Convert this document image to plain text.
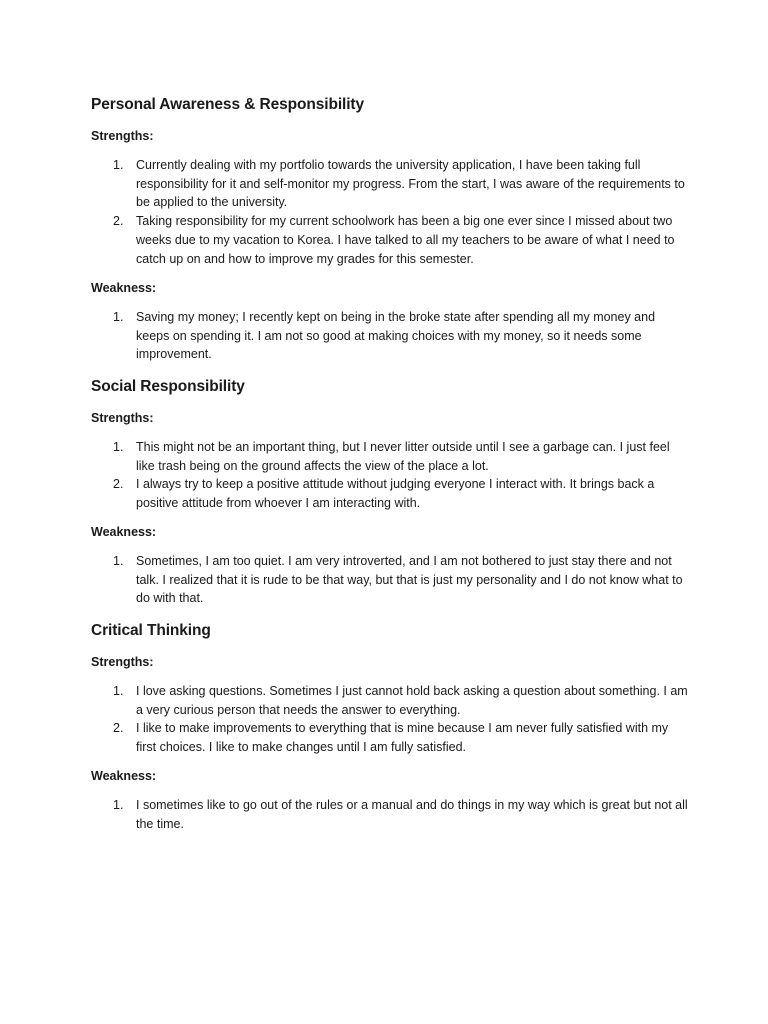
Personal Awareness & Responsibility

Strengths:

1. Currently dealing with my portfolio towards the university application, I have been taking full responsibility for it and self-monitor my progress. From the start, I was aware of the requirements to be applied to the university.
2. Taking responsibility for my current schoolwork has been a big one ever since I missed about two weeks due to my vacation to Korea. I have talked to all my teachers to be aware of what I need to catch up on and how to improve my grades for this semester.

Weakness:

1. Saving my money; I recently kept on being in the broke state after spending all my money and keeps on spending it. I am not so good at making choices with my money, so it needs some improvement.
Social Responsibility

Strengths:

1. This might not be an important thing, but I never litter outside until I see a garbage can. I just feel like trash being on the ground affects the view of the place a lot.
2. I always try to keep a positive attitude without judging everyone I interact with. It brings back a positive attitude from whoever I am interacting with.

Weakness:

1. Sometimes, I am too quiet. I am very introverted, and I am not bothered to just stay there and not talk. I realized that it is rude to be that way, but that is just my personality and I do not know what to do with that.
Critical Thinking

Strengths:

1. I love asking questions. Sometimes I just cannot hold back asking a question about something. I am a very curious person that needs the answer to everything.
2. I like to make improvements to everything that is mine because I am never fully satisfied with my first choices. I like to make changes until I am fully satisfied.

Weakness:

1. I sometimes like to go out of the rules or a manual and do things in my way which is great but not all the time.
